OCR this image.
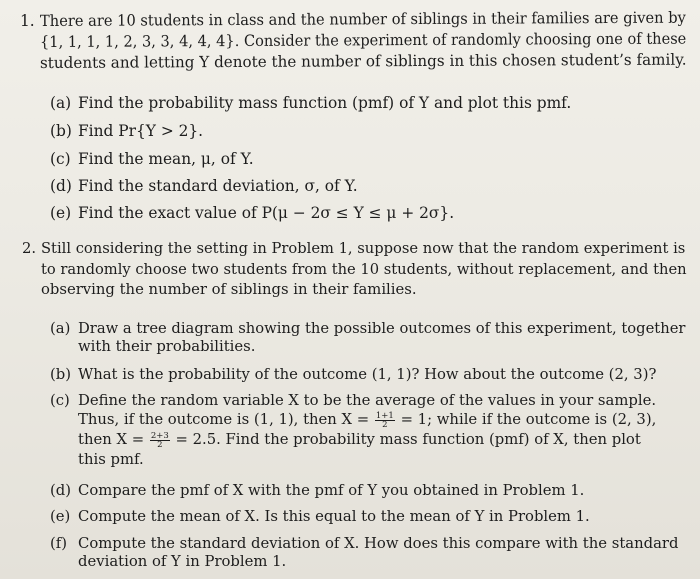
1. There are 10 students in class and the number of siblings in their families are given by
{1, 1, 1, 1, 2, 3, 3, 4, 4, 4}. Consider the experiment of randomly choosing one of these
students and letting Y denote the number of siblings in this chosen student’s family.
(a) Find the probability mass function (pmf) of Y and plot this pmf.
(b) Find Pr{Y > 2}.
(c) Find the mean, μ, of Y.
(d) Find the standard deviation, σ, of Y.
(e) Find the exact value of P(μ − 2σ ≤ Y ≤ μ + 2σ}.
2. Still considering the setting in Problem 1, suppose now that the random experiment is
to randomly choose two students from the 10 students, without replacement, and then
observing the number of siblings in their families.
(a) Draw a tree diagram showing the possible outcomes of this experiment, together
with their probabilities.
(b) What is the probability of the outcome (1, 1)? How about the outcome (2, 3)?
(c) Define the random variable X to be the average of the values in your sample.
Thus, if the outcome is (1, 1), then $X = \frac{1+1}{2} = 1$; while if the outcome is (2, 3),
then $X = \frac{2+3}{2} = 2.5$. Find the probability mass function (pmf) of X, then plot
this pmf.
(d) Compare the pmf of X with the pmf of Y you obtained in Problem 1.
(e) Compute the mean of X. Is this equal to the mean of Y in Problem 1.
(f) Compute the standard deviation of X. How does this compare with the standard
deviation of Y in Problem 1.
